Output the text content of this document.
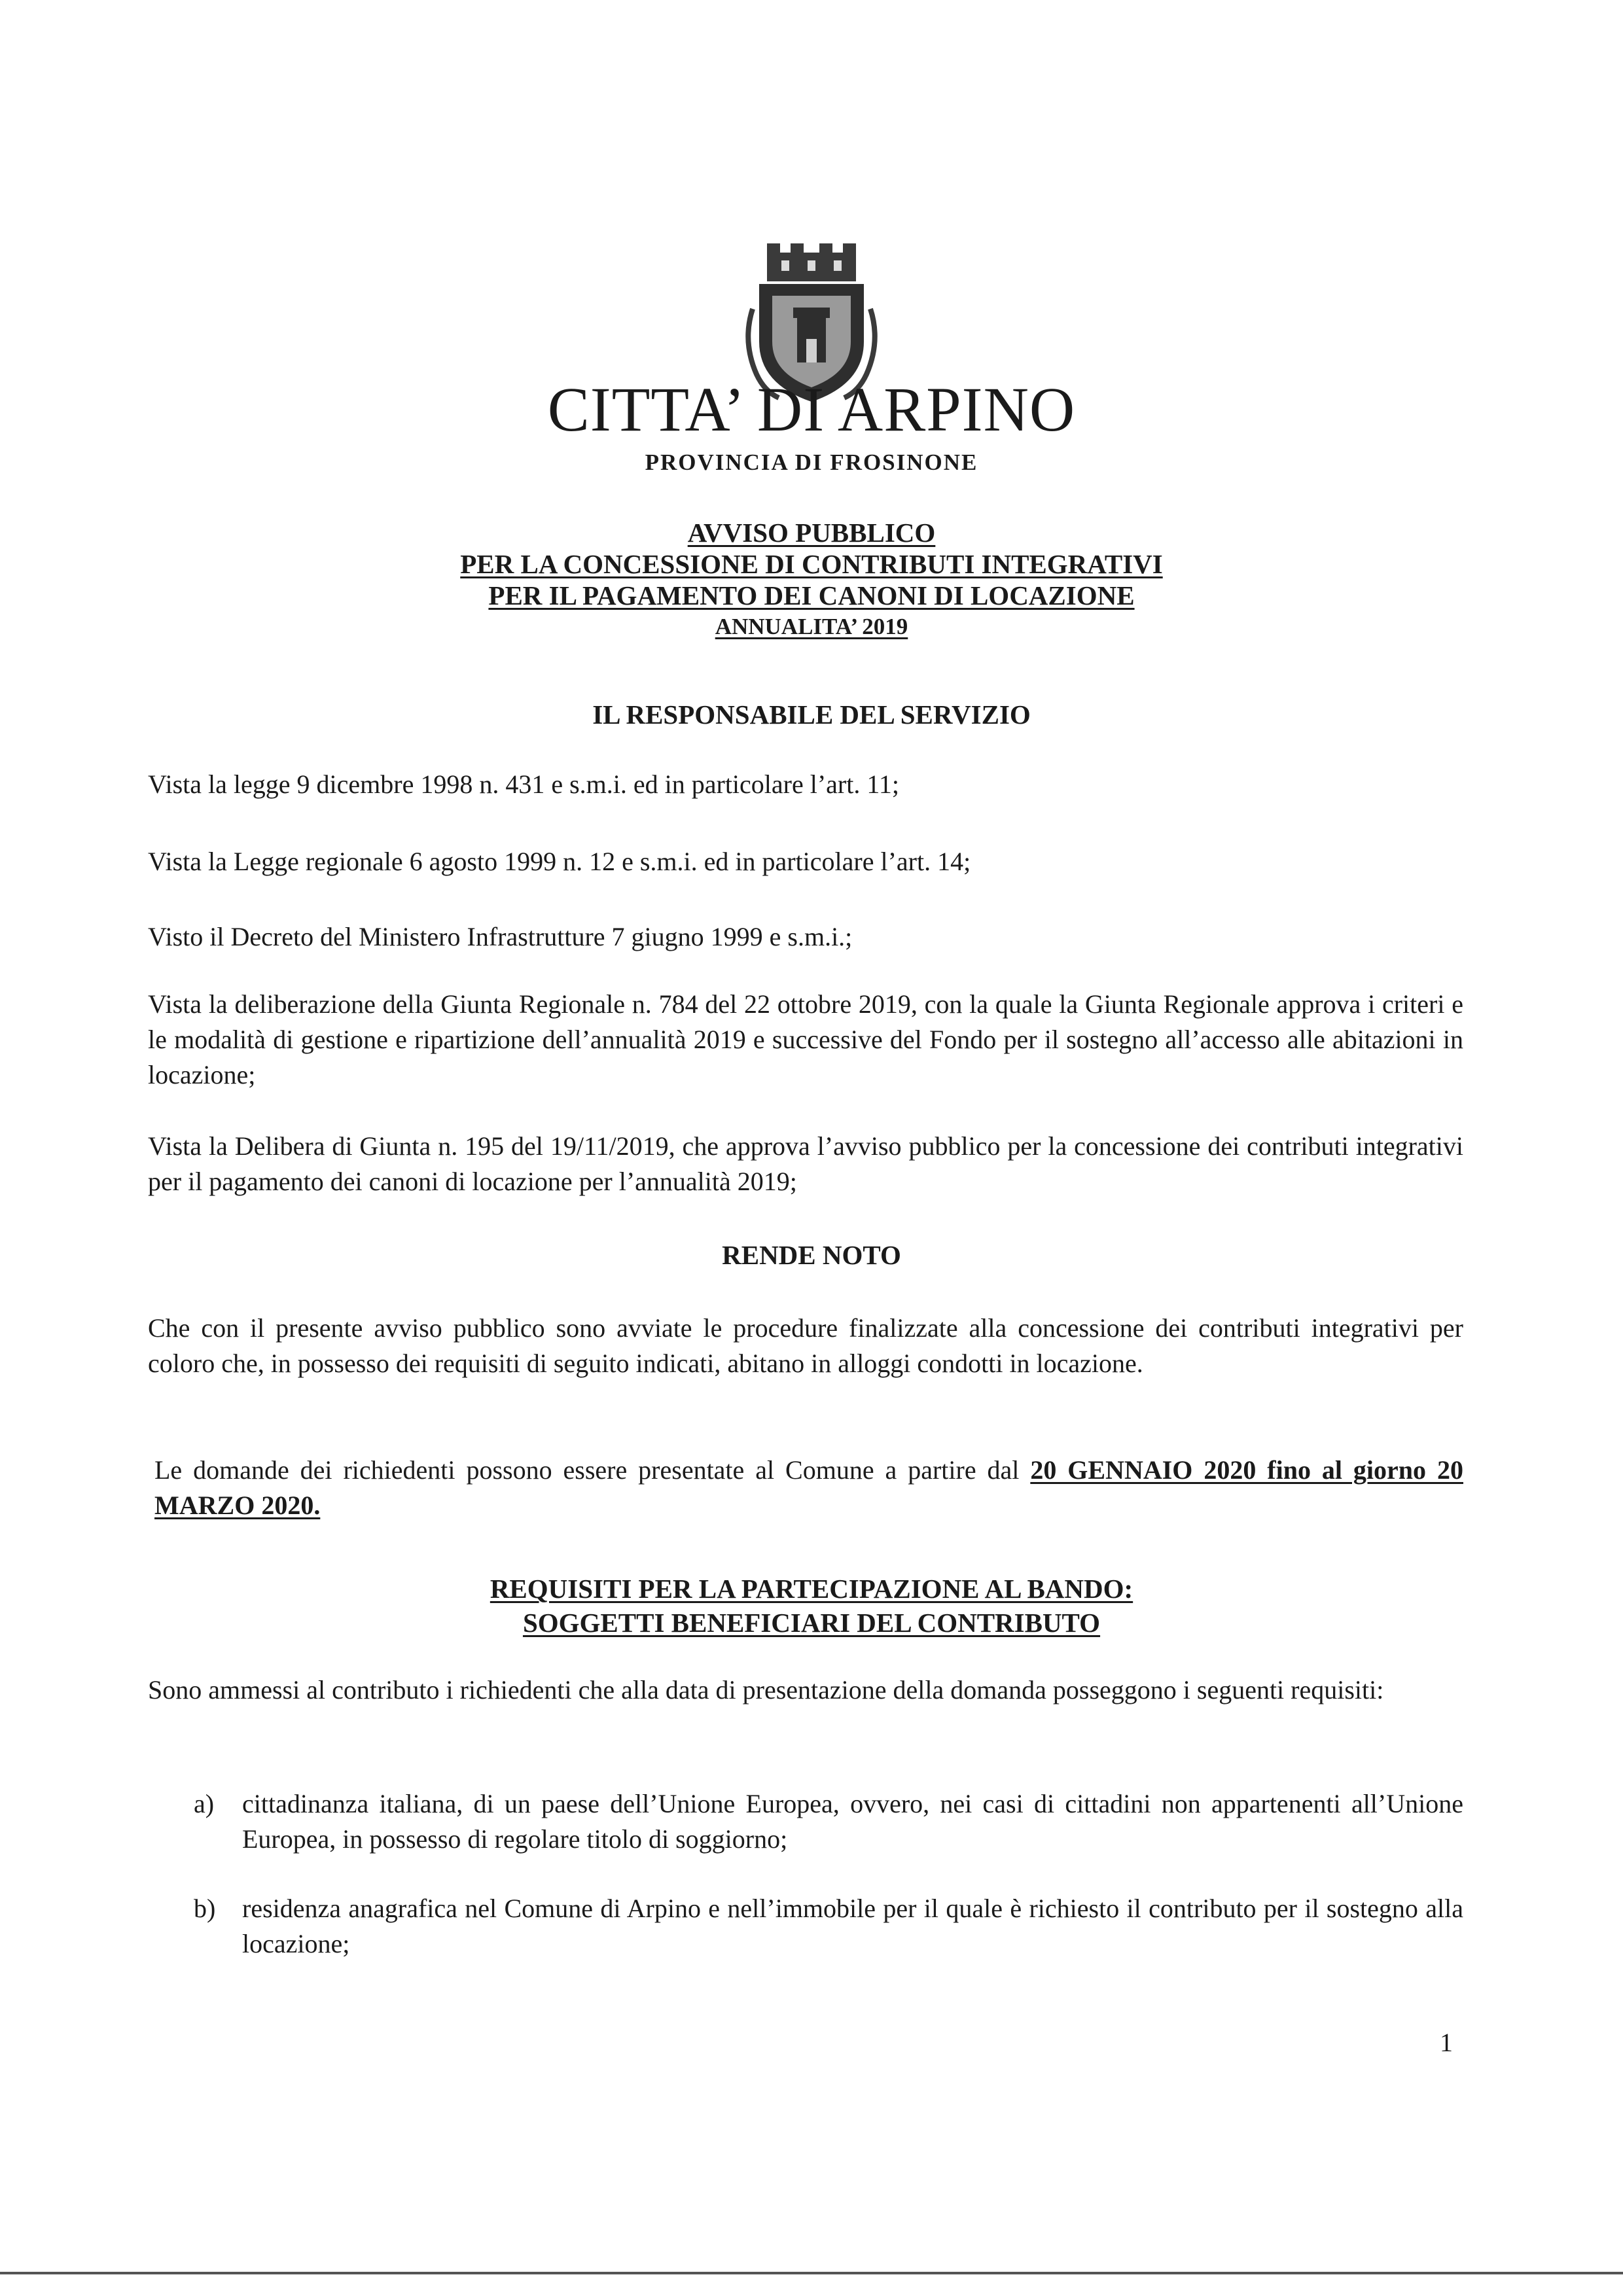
CITTA’ DI ARPINO
PROVINCIA DI FROSINONE
AVVISO PUBBLICO
PER LA CONCESSIONE DI CONTRIBUTI INTEGRATIVI
PER IL PAGAMENTO DEI CANONI DI LOCAZIONE
ANNUALITA’ 2019
IL RESPONSABILE DEL SERVIZIO
Vista la legge 9 dicembre 1998 n. 431 e s.m.i. ed in particolare l’art. 11;
Vista la Legge regionale 6 agosto 1999 n. 12 e s.m.i. ed in particolare l’art. 14;
Visto il Decreto del Ministero Infrastrutture 7 giugno 1999 e s.m.i.;
Vista la deliberazione della Giunta Regionale n. 784 del 22 ottobre 2019, con la quale la Giunta Regionale approva i criteri e le modalità di gestione e ripartizione dell’annualità 2019 e successive del Fondo per il sostegno all’accesso alle abitazioni in locazione;
Vista la Delibera di Giunta n. 195 del 19/11/2019, che approva l’avviso pubblico per la concessione dei contributi integrativi per il pagamento dei canoni di locazione per l’annualità 2019;
RENDE NOTO
Che con il presente avviso pubblico sono avviate le procedure finalizzate alla concessione dei contributi integrativi per coloro che, in possesso dei requisiti di seguito indicati, abitano in alloggi condotti in locazione.
Le domande dei richiedenti possono essere presentate al Comune a partire dal 20 GENNAIO 2020 fino al giorno 20 MARZO 2020.
REQUISITI PER LA PARTECIPAZIONE AL BANDO:
SOGGETTI BENEFICIARI DEL CONTRIBUTO
Sono ammessi al contributo i richiedenti che alla data di presentazione della domanda posseggono i seguenti requisiti:
a) cittadinanza italiana, di un paese dell’Unione Europea, ovvero, nei casi di cittadini non appartenenti all’Unione Europea, in possesso di regolare titolo di soggiorno;
b) residenza anagrafica nel Comune di Arpino e nell’immobile per il quale è richiesto il contributo per il sostegno alla locazione;
1
